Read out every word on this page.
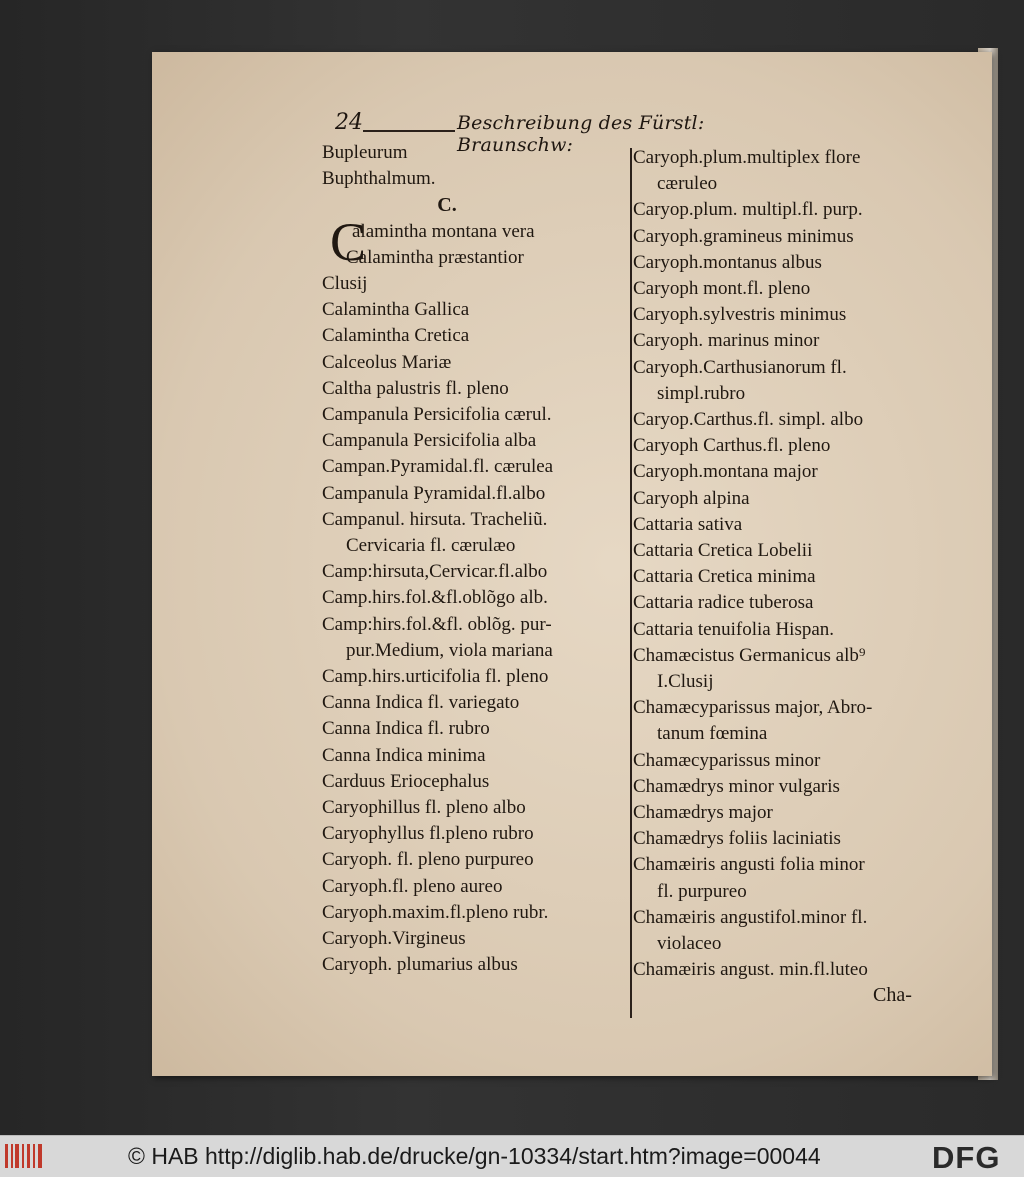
24	Beschreibung des Fürstl: Braunschw:
Bupleurum
Buphthalmum.
C.
C
alamintha montana vera
Calamintha præstantior
Clusij
Calamintha Gallica
Calamintha Cretica
Calceolus Mariæ
Caltha palustris fl. pleno
Campanula Persicifolia cærul.
Campanula Persicifolia alba
Campan.Pyramidal.fl. cærulea
Campanula Pyramidal.fl.albo
Campanul. hirsuta. Tracheliũ.
Cervicaria fl. cærulæo
Camp:hirsuta,Cervicar.fl.albo
Camp.hirs.fol.&fl.oblõgo alb.
Camp:hirs.fol.&fl. oblõg. pur-
pur.Medium, viola mariana
Camp.hirs.urticifolia fl. pleno
Canna Indica fl. variegato
Canna Indica fl. rubro
Canna Indica minima
Carduus Eriocephalus
Caryophillus fl. pleno albo
Caryophyllus fl.pleno rubro
Caryoph. fl. pleno purpureo
Caryoph.fl. pleno aureo
Caryoph.maxim.fl.pleno rubr.
Caryoph.Virgineus
Caryoph. plumarius albus
Caryoph.plum.multiplex flore
cæruleo
Caryop.plum. multipl.fl. purp.
Caryoph.gramineus minimus
Caryoph.montanus albus
Caryoph mont.fl. pleno
Caryoph.sylvestris minimus
Caryoph. marinus minor
Caryoph.Carthusianorum fl.
simpl.rubro
Caryop.Carthus.fl. simpl. albo
Caryoph Carthus.fl. pleno
Caryoph.montana major
Caryoph alpina
Cattaria sativa
Cattaria Cretica Lobelii
Cattaria Cretica minima
Cattaria radice tuberosa
Cattaria tenuifolia Hispan.
Chamæcistus Germanicus alb⁹
I.Clusij
Chamæcyparissus major, Abro-
tanum fœmina
Chamæcyparissus minor
Chamædrys minor vulgaris
Chamædrys major
Chamædrys foliis laciniatis
Chamæiris angusti folia minor
fl. purpureo
Chamæiris angustifol.minor fl.
violaceo
Chamæiris angust. min.fl.luteo
Cha-
© HAB http://diglib.hab.de/drucke/gn-10334/start.htm?image=00044	DFG
